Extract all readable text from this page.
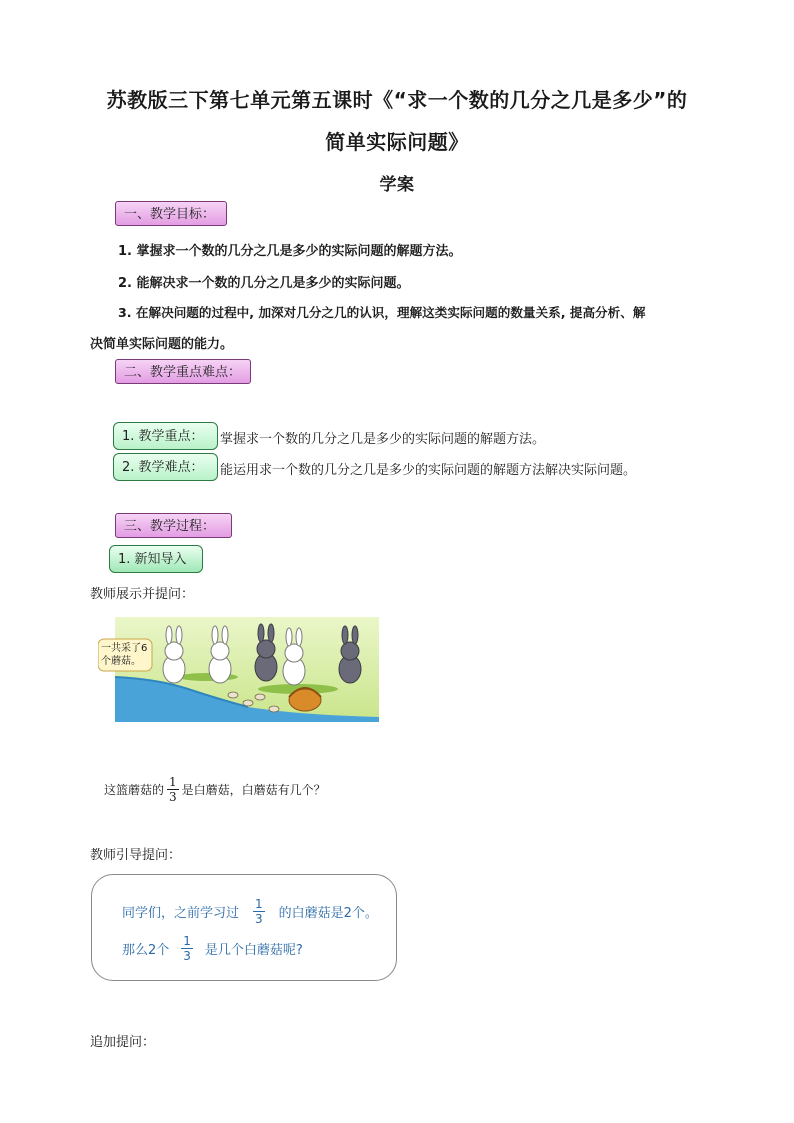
苏教版三下第七单元第五课时《“求一个数的几分之几是多少”的
简单实际问题》
学案
一、教学目标：
1. 掌握求一个数的几分之几是多少的实际问题的解题方法。
2. 能解决求一个数的几分之几是多少的实际问题。
3. 在解决问题的过程中, 加深对几分之几的认识，理解这类实际问题的数量关系, 提高分析、解
决简单实际问题的能力。
二、教学重点难点：
1. 教学重点：	掌握求一个数的几分之几是多少的实际问题的解题方法。
2. 教学难点：	能运用求一个数的几分之几是多少的实际问题的解题方法解决实际问题。
三、教学过程：
1. 新知导入
教师展示并提问：
一共采了6个蘑菇。
这篮蘑菇的 $\frac{1}{3}$ 是白蘑菇，白蘑菇有几个？
教师引导提问：
同学们，之前学习过 $\frac{1}{3}$ 的白蘑菇是2个。
那么2个 $\frac{1}{3}$ 是几个白蘑菇呢?
追加提问：
